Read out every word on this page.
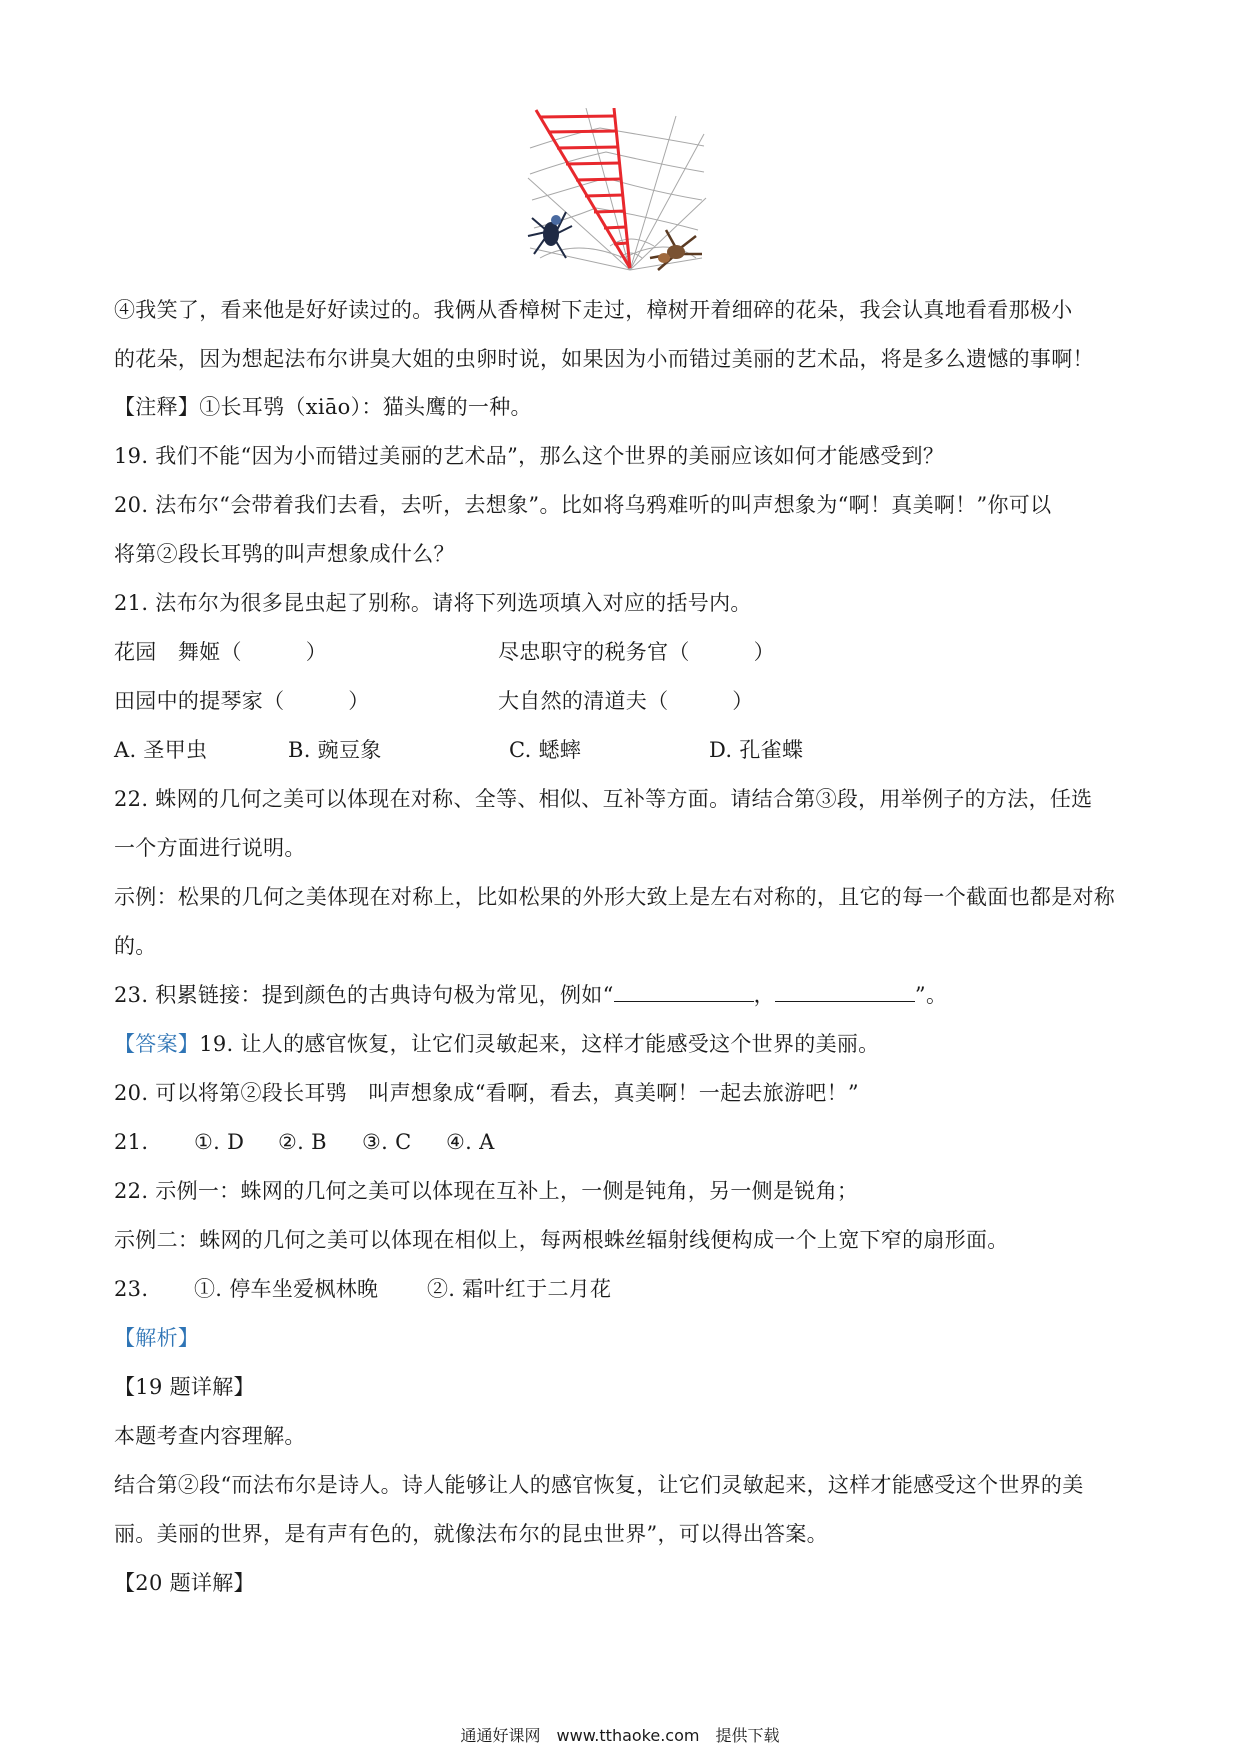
④我笑了，看来他是好好读过的。我俩从香樟树下走过，樟树开着细碎的花朵，我会认真地看看那极小
的花朵，因为想起法布尔讲臭大姐的虫卵时说，如果因为小而错过美丽的艺术品，将是多么遗憾的事啊！
【注释】①长耳鸮（xiāo）：猫头鹰的一种。
19. 我们不能“因为小而错过美丽的艺术品”，那么这个世界的美丽应该如何才能感受到？
20. 法布尔“会带着我们去看，去听，去想象”。比如将乌鸦难听的叫声想象为“啊！真美啊！”你可以
将第②段长耳鸮的叫声想象成什么？
21. 法布尔为很多昆虫起了别称。请将下列选项填入对应的括号内。
花园　舞姬（　　　）	尽忠职守的税务官（　　　）
田园中的提琴家（　　　）	大自然的清道夫（　　　）
A. 圣甲虫	B. 豌豆象	C. 蟋蟀	D. 孔雀蝶
22. 蛛网的几何之美可以体现在对称、全等、相似、互补等方面。请结合第③段，用举例子的方法，任选
一个方面进行说明。
示例：松果的几何之美体现在对称上，比如松果的外形大致上是左右对称的，且它的每一个截面也都是对称
的。
23. 积累链接：提到颜色的古典诗句极为常见，例如“	，	”。
【答案】19. 让人的感官恢复，让它们灵敏起来，这样才能感受这个世界的美丽。
20. 可以将第②段长耳鸮　叫声想象成“看啊，看去，真美啊！一起去旅游吧！”
21. ①. D ②. B ③. C ④. A
22. 示例一：蛛网的几何之美可以体现在互补上，一侧是钝角，另一侧是锐角；
示例二：蛛网的几何之美可以体现在相似上，每两根蛛丝辐射线便构成一个上宽下窄的扇形面。
23. ①. 停车坐爱枫林晚 ②. 霜叶红于二月花
【解析】
【19 题详解】
本题考查内容理解。
结合第②段“而法布尔是诗人。诗人能够让人的感官恢复，让它们灵敏起来，这样才能感受这个世界的美
丽。美丽的世界，是有声有色的，就像法布尔的昆虫世界”，可以得出答案。
【20 题详解】
通通好课网　www.tthaoke.com　提供下载
